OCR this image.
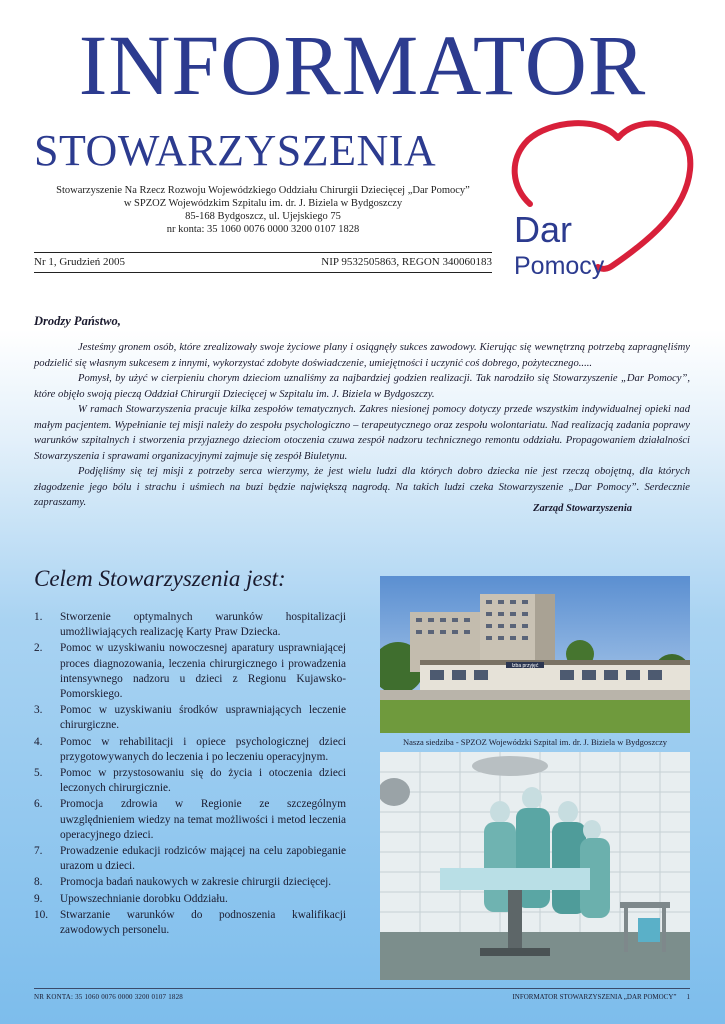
INFORMATOR
STOWARZYSZENIA
Stowarzyszenie Na Rzecz Rozwoju Wojewódzkiego Oddziału Chirurgii Dziecięcej „Dar Pomocy”
w SPZOZ Wojewódzkim Szpitalu im. dr. J. Biziela w Bydgoszczy
85-168 Bydgoszcz, ul. Ujejskiego 75
nr konta: 35 1060 0076 0000 3200 0107 1828
Nr 1, Grudzień 2005	NIP 9532505863, REGON 340060183
Dar
Pomocy
Drodzy Państwo,

Jesteśmy gronem osób, które zrealizowały swoje życiowe plany i osiągnęły sukces zawodowy. Kierując się wewnętrzną potrzebą zapragnęliśmy podzielić się własnym sukcesem z innymi, wykorzystać zdobyte doświadczenie, umiejętności i uczynić coś dobrego, pożytecznego.....

Pomysł, by użyć w cierpieniu chorym dzieciom uznaliśmy za najbardziej godzien realizacji. Tak narodziło się Stowarzyszenie „Dar Pomocy”, które objęło swoją pieczą Oddział Chirurgii Dziecięcej w Szpitalu im. J. Biziela w Bydgoszczy.

W ramach Stowarzyszenia pracuje kilka zespołów tematycznych. Zakres niesionej pomocy dotyczy przede wszystkim indywidualnej opieki nad małym pacjentem. Wypełnianie tej misji należy do zespołu psychologiczno – terapeutycznego oraz zespołu wolontariatu. Nad realizacją zadania poprawy warunków szpitalnych i stworzenia przyjaznego dzieciom otoczenia czuwa zespół nadzoru technicznego remontu oddziału. Propagowaniem działalności Stowarzyszenia i sprawami organizacyjnymi zajmuje się zespół Biuletynu.

Podjęliśmy się tej misji z potrzeby serca wierzymy, że jest wielu ludzi dla których dobro dziecka nie jest rzeczą obojętną, dla których złagodzenie jego bólu i strachu i uśmiech na buzi będzie największą nagrodą. Na takich ludzi czeka Stowarzyszenie „Dar Pomocy”. Serdecznie zapraszamy.

Zarząd Stowarzyszenia
Celem Stowarzyszenia jest:
1. Stworzenie optymalnych warunków hospitalizacji umożliwiających realizację Karty Praw Dziecka.
2. Pomoc w uzyskiwaniu nowoczesnej aparatury usprawniającej proces diagnozowania, leczenia chirurgicznego i prowadzenia intensywnego nadzoru u dzieci z Regionu Kujawsko-Pomorskiego.
3. Pomoc w uzyskiwaniu środków usprawniających leczenie chirurgiczne.
4. Pomoc w rehabilitacji i opiece psychologicznej dzieci przygotowywanych do leczenia i po leczeniu operacyjnym.
5. Pomoc w przystosowaniu się do życia i otoczenia dzieci leczonych chirurgicznie.
6. Promocja zdrowia w Regionie ze szczególnym uwzględnieniem wiedzy na temat możliwości i metod leczenia operacyjnego dzieci.
7. Prowadzenie edukacji rodziców mającej na celu zapobieganie urazom u dzieci.
8. Promocja badań naukowych w zakresie chirurgii dziecięcej.
9. Upowszechnianie dorobku Oddziału.
10. Stwarzanie warunków do podnoszenia kwalifikacji zawodowych personelu.
Izba przyjęć
Nasza siedziba - SPZOZ Wojewódzki Szpital im. dr. J. Biziela w Bydgoszczy
NR KONTA: 35 1060 0076 0000 3200 0107 1828	INFORMATOR STOWARZYSZENIA „DAR POMOCY” 1
